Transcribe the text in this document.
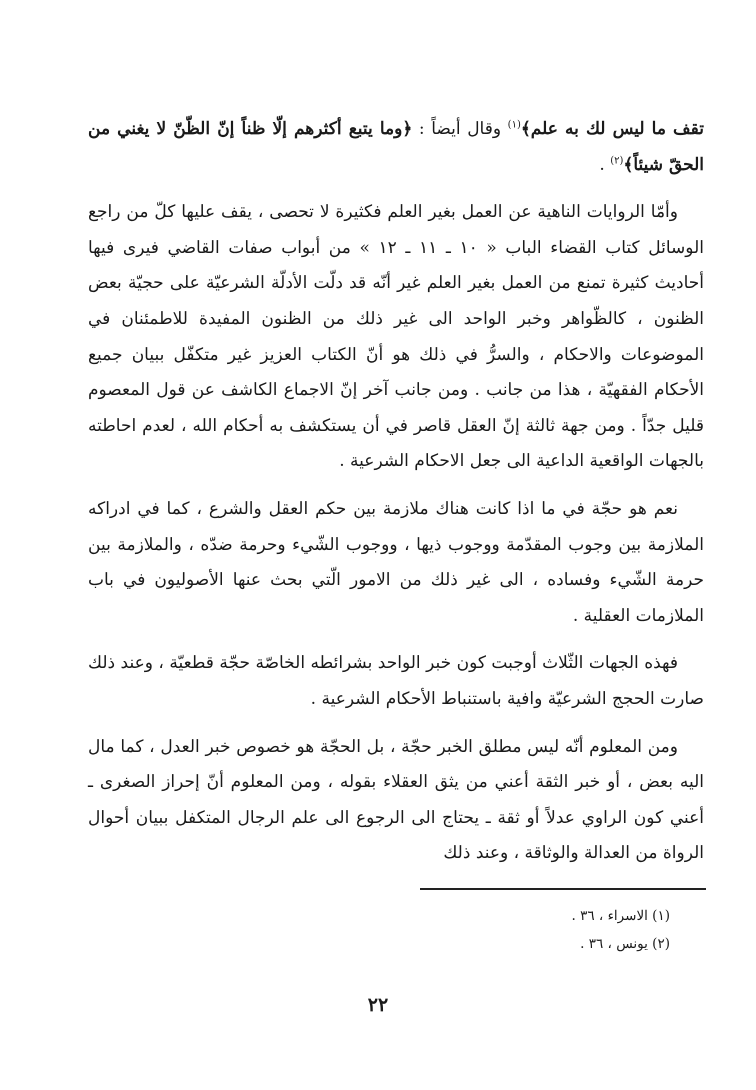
تقف ما ليس لك به علم﴾$^{(١)}$ وقال أيضاً : ﴿وما يتبع أكثرهم إلّا ظناً إنّ الظّنّ لا يغني من الحقّ شيئاً﴾$^{(٢)}$ .

وأمّا الروايات الناهية عن العمل بغير العلم فكثيرة لا تحصى ، يقف عليها كلّ من راجع الوسائل كتاب القضاء الباب « ١٠ ـ ١١ ـ ١٢ » من أبواب صفات القاضي فيرى فيها أحاديث كثيرة تمنع من العمل بغير العلم غير أنّه قد دلّت الأدلّة الشرعيّة على حجيّة بعض الظنون ، كالظّواهر وخبر الواحد الى غير ذلك من الظنون المفيدة للاطمئنان في الموضوعات والاحكام ، والسرُّ في ذلك هو أنّ الكتاب العزيز غير متكفّل ببيان جميع الأحكام الفقهيّة ، هذا من جانب . ومن جانب آخر إنّ الاجماع الكاشف عن قول المعصوم قليل جدّاً . ومن جهة ثالثة إنّ العقل قاصر في أن يستكشف به أحكام الله ، لعدم احاطته بالجهات الواقعية الداعية الى جعل الاحكام الشرعية .

نعم هو حجّة في ما اذا كانت هناك ملازمة بين حكم العقل والشرع ، كما في ادراكه الملازمة بين وجوب المقدّمة ووجوب ذيها ، ووجوب الشّيء وحرمة ضدّه ، والملازمة بين حرمة الشّيء وفساده ، الى غير ذلك من الامور الّتي بحث عنها الأصوليون في باب الملازمات العقلية .

فهذه الجهات الثّلاث أوجبت كون خبر الواحد بشرائطه الخاصّة حجّة قطعيّة ، وعند ذلك صارت الحجج الشرعيّة وافية باستنباط الأحكام الشرعية .

ومن المعلوم أنّه ليس مطلق الخبر حجّة ، بل الحجّة هو خصوص خبر العدل ، كما مال اليه بعض ، أو خبر الثقة أعني من يثق العقلاء بقوله ، ومن المعلوم أنّ إحراز الصغرى ـ أعني كون الراوي عدلاً أو ثقة ـ يحتاج الى الرجوع الى علم الرجال المتكفل ببيان أحوال الرواة من العدالة والوثاقة ، وعند ذلك

(١) الاسراء ، ٣٦ .

(٢) يونس ، ٣٦ .

٢٢
